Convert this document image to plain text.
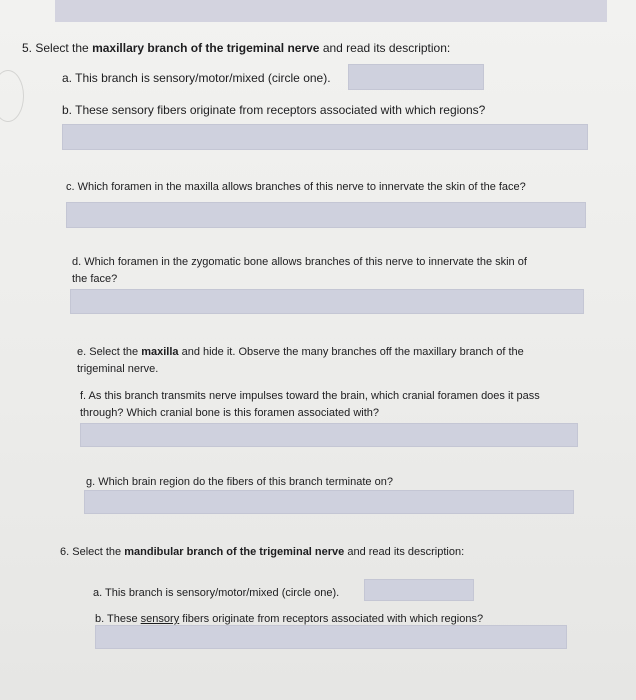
5. Select the maxillary branch of the trigeminal nerve and read its description:
a. This branch is sensory/motor/mixed (circle one).
b. These sensory fibers originate from receptors associated with which regions?
c. Which foramen in the maxilla allows branches of this nerve to innervate the skin of the face?
d. Which foramen in the zygomatic bone allows branches of this nerve to innervate the skin of
the face?
e. Select the maxilla and hide it. Observe the many branches off the maxillary branch of the
trigeminal nerve.
f. As this branch transmits nerve impulses toward the brain, which cranial foramen does it pass
through? Which cranial bone is this foramen associated with?
g. Which brain region do the fibers of this branch terminate on?
6. Select the mandibular branch of the trigeminal nerve and read its description:
a. This branch is sensory/motor/mixed (circle one).
b. These sensory fibers originate from receptors associated with which regions?
